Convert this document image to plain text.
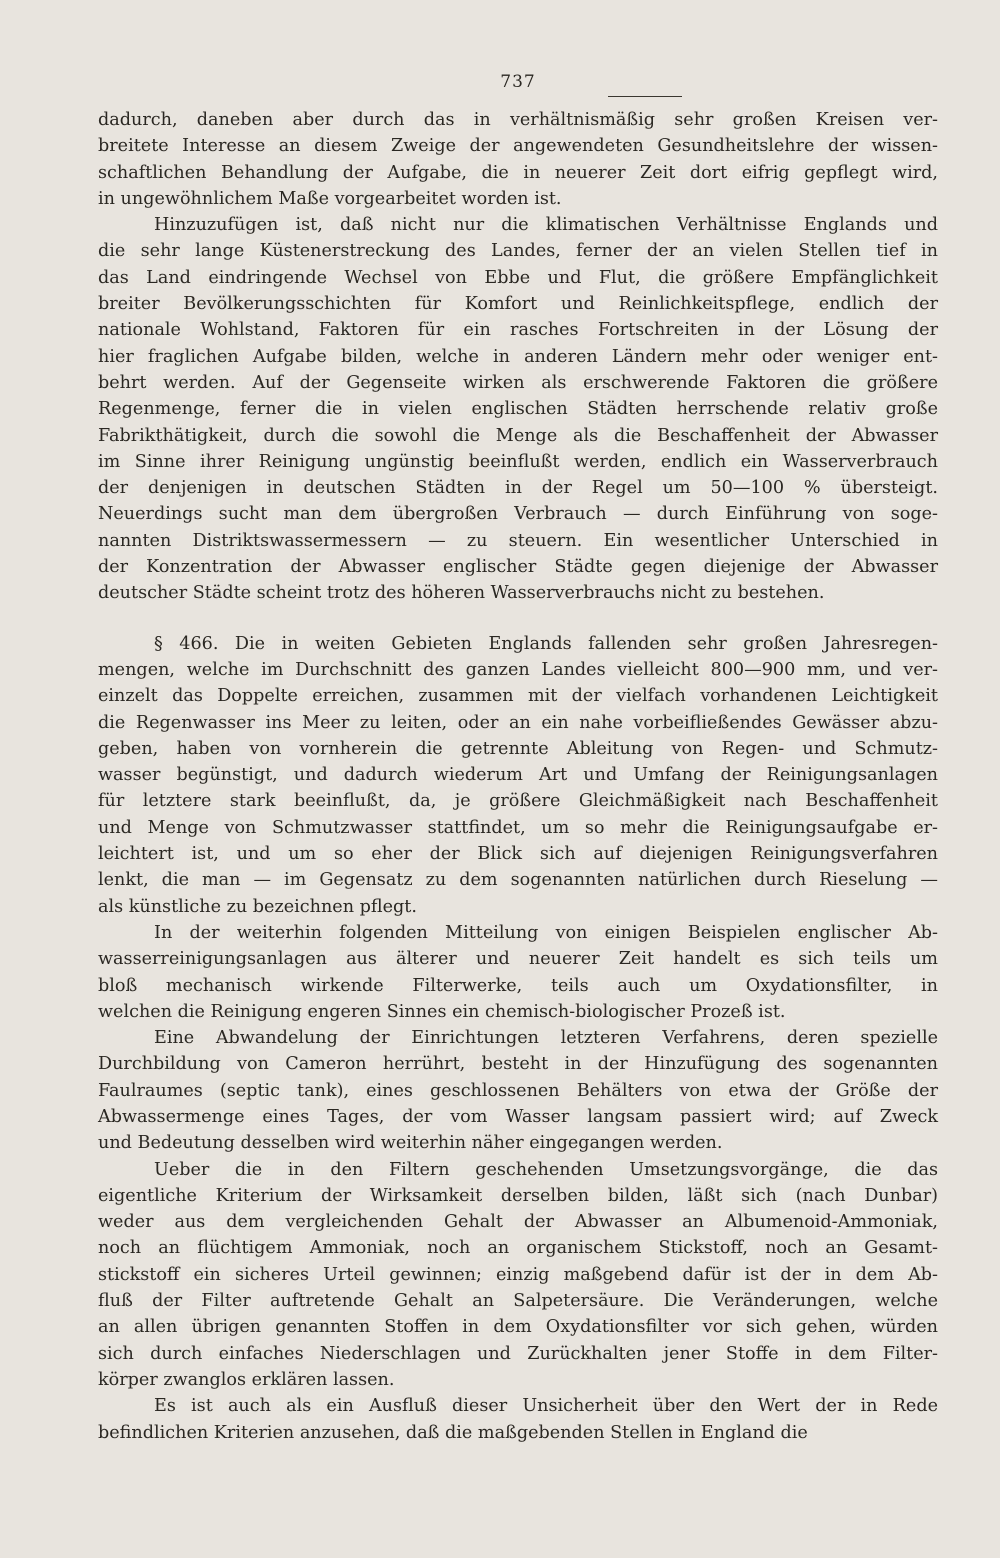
737
dadurch, daneben aber durch das in verhältnismäßig sehr großen Kreisen ver-
breitete Interesse an diesem Zweige der angewendeten Gesundheitslehre der wissen-
schaftlichen Behandlung der Aufgabe, die in neuerer Zeit dort eifrig gepflegt wird,
in ungewöhnlichem Maße vorgearbeitet worden ist.
Hinzuzufügen ist, daß nicht nur die klimatischen Verhältnisse Englands und
die sehr lange Küstenerstreckung des Landes, ferner der an vielen Stellen tief in
das Land eindringende Wechsel von Ebbe und Flut, die größere Empfänglichkeit
breiter Bevölkerungsschichten für Komfort und Reinlichkeitspflege, endlich der
nationale Wohlstand, Faktoren für ein rasches Fortschreiten in der Lösung der
hier fraglichen Aufgabe bilden, welche in anderen Ländern mehr oder weniger ent-
behrt werden. Auf der Gegenseite wirken als erschwerende Faktoren die größere
Regenmenge, ferner die in vielen englischen Städten herrschende relativ große
Fabrikthätigkeit, durch die sowohl die Menge als die Beschaffenheit der Abwasser
im Sinne ihrer Reinigung ungünstig beeinflußt werden, endlich ein Wasserverbrauch
der denjenigen in deutschen Städten in der Regel um 50—100 % übersteigt.
Neuerdings sucht man dem übergroßen Verbrauch — durch Einführung von soge-
nannten Distriktswassermessern — zu steuern. Ein wesentlicher Unterschied in
der Konzentration der Abwasser englischer Städte gegen diejenige der Abwasser
deutscher Städte scheint trotz des höheren Wasserverbrauchs nicht zu bestehen.
§ 466. Die in weiten Gebieten Englands fallenden sehr großen Jahresregen-
mengen, welche im Durchschnitt des ganzen Landes vielleicht 800—900 mm, und ver-
einzelt das Doppelte erreichen, zusammen mit der vielfach vorhandenen Leichtigkeit
die Regenwasser ins Meer zu leiten, oder an ein nahe vorbeifließendes Gewässer abzu-
geben, haben von vornherein die getrennte Ableitung von Regen- und Schmutz-
wasser begünstigt, und dadurch wiederum Art und Umfang der Reinigungsanlagen
für letztere stark beeinflußt, da, je größere Gleichmäßigkeit nach Beschaffenheit
und Menge von Schmutzwasser stattfindet, um so mehr die Reinigungsaufgabe er-
leichtert ist, und um so eher der Blick sich auf diejenigen Reinigungsverfahren
lenkt, die man — im Gegensatz zu dem sogenannten natürlichen durch Rieselung —
als künstliche zu bezeichnen pflegt.
In der weiterhin folgenden Mitteilung von einigen Beispielen englischer Ab-
wasserreinigungsanlagen aus älterer und neuerer Zeit handelt es sich teils um
bloß mechanisch wirkende Filterwerke, teils auch um Oxydationsfilter, in
welchen die Reinigung engeren Sinnes ein chemisch-biologischer Prozeß ist.
Eine Abwandelung der Einrichtungen letzteren Verfahrens, deren spezielle
Durchbildung von Cameron herrührt, besteht in der Hinzufügung des sogenannten
Faulraumes (septic tank), eines geschlossenen Behälters von etwa der Größe der
Abwassermenge eines Tages, der vom Wasser langsam passiert wird; auf Zweck
und Bedeutung desselben wird weiterhin näher eingegangen werden.
Ueber die in den Filtern geschehenden Umsetzungsvorgänge, die das
eigentliche Kriterium der Wirksamkeit derselben bilden, läßt sich (nach Dunbar)
weder aus dem vergleichenden Gehalt der Abwasser an Albumenoid-Ammoniak,
noch an flüchtigem Ammoniak, noch an organischem Stickstoff, noch an Gesamt-
stickstoff ein sicheres Urteil gewinnen; einzig maßgebend dafür ist der in dem Ab-
fluß der Filter auftretende Gehalt an Salpetersäure. Die Veränderungen, welche
an allen übrigen genannten Stoffen in dem Oxydationsfilter vor sich gehen, würden
sich durch einfaches Niederschlagen und Zurückhalten jener Stoffe in dem Filter-
körper zwanglos erklären lassen.
Es ist auch als ein Ausfluß dieser Unsicherheit über den Wert der in Rede
befindlichen Kriterien anzusehen, daß die maßgebenden Stellen in England die
